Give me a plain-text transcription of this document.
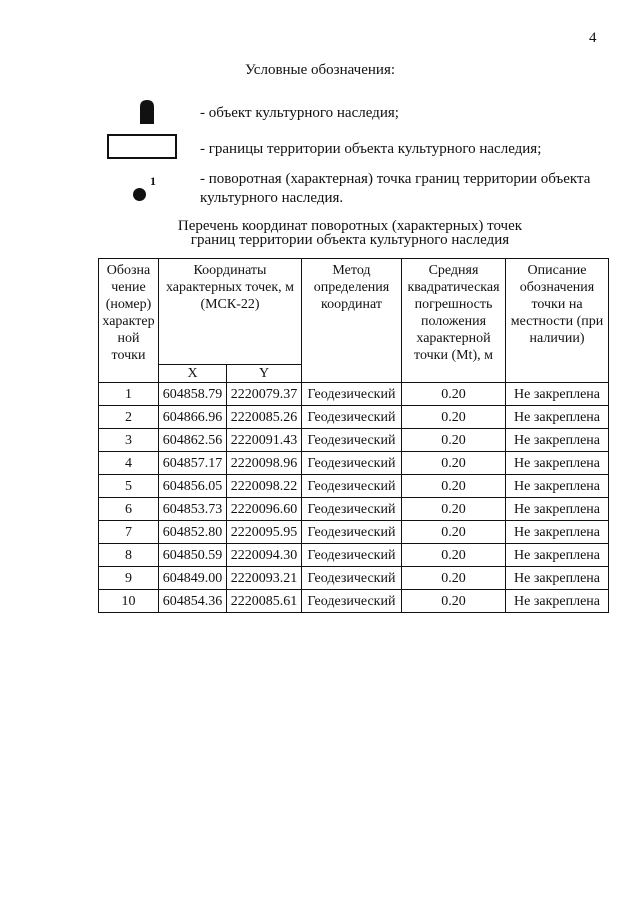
4
Условные обозначения:
- объект культурного наследия;
- границы территории объекта культурного наследия;
1	- поворотная (характерная) точка границ территории объекта культурного наследия.
Перечень координат поворотных (характерных) точек
границ территории объекта культурного наследия
Обозна чение (номер) характер ной точки	Координаты характерных точек, м (МСК-22)		Метод определения координат	Средняя квадратическая погрешность положения характерной точки (Mt), м	Описание обозначения точки на местности (при наличии)
	X	Y			
1	604858.79	2220079.37	Геодезический	0.20	Не закреплена
2	604866.96	2220085.26	Геодезический	0.20	Не закреплена
3	604862.56	2220091.43	Геодезический	0.20	Не закреплена
4	604857.17	2220098.96	Геодезический	0.20	Не закреплена
5	604856.05	2220098.22	Геодезический	0.20	Не закреплена
6	604853.73	2220096.60	Геодезический	0.20	Не закреплена
7	604852.80	2220095.95	Геодезический	0.20	Не закреплена
8	604850.59	2220094.30	Геодезический	0.20	Не закреплена
9	604849.00	2220093.21	Геодезический	0.20	Не закреплена
10	604854.36	2220085.61	Геодезический	0.20	Не закреплена
